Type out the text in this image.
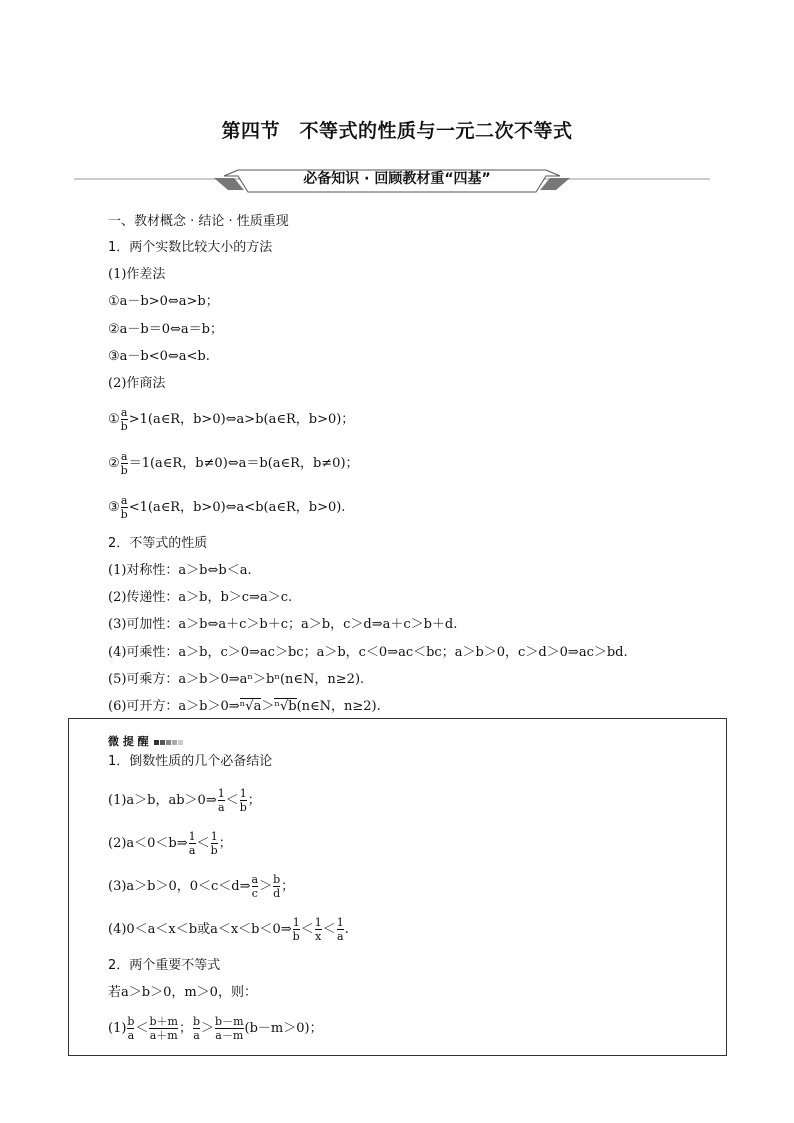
第四节　不等式的性质与一元二次不等式
必备知识 · 回顾教材重“四基”
一、教材概念 · 结论 · 性质重现
1．两个实数比较大小的方法
(1)作差法
①a－b>0⇔a>b；
②a－b＝0⇔a＝b；
③a－b<0⇔a<b.
(2)作商法
① $\frac{a}{b}$ >1(a∈R，b>0)⇔a>b(a∈R，b>0)；
② $\frac{a}{b}$ ＝1(a∈R，b≠0)⇔a＝b(a∈R，b≠0)；
③ $\frac{a}{b}$ <1(a∈R，b>0)⇔a<b(a∈R，b>0).
2．不等式的性质
(1)对称性：a＞b⇔b＜a.
(2)传递性：a＞b，b＞c⇒a＞c.
(3)可加性：a＞b⇔a＋c＞b＋c；a＞b，c＞d⇒a＋c＞b＋d.
(4)可乘性：a＞b，c＞0⇒ac＞bc；a＞b，c＜0⇒ac＜bc；a＞b＞0，c＞d＞0⇒ac＞bd.
(5)可乘方：a＞b＞0⇒aⁿ＞bⁿ(n∈N，n≥2).
(6)可开方：a＞b＞0⇒ⁿ√a＞ⁿ√b(n∈N，n≥2).
微 提 醒
1．倒数性质的几个必备结论
(1)a＞b，ab＞0⇒ $\frac{1}{a} < \frac{1}{b}$ ；
(2)a＜0＜b⇒ $\frac{1}{a} < \frac{1}{b}$ ；
(3)a＞b＞0，0＜c＜d⇒ $\frac{a}{c} > \frac{b}{d}$ ；
(4)0＜a＜x＜b或a＜x＜b＜0⇒ $\frac{1}{b} < \frac{1}{x} < \frac{1}{a}$ .
2．两个重要不等式
若a＞b＞0，m＞0，则：
$(1) \frac{b}{a} < \frac{b+m}{a+m}$ ； $\frac{b}{a} > \frac{b-m}{a-m} (b-m>0)$；
